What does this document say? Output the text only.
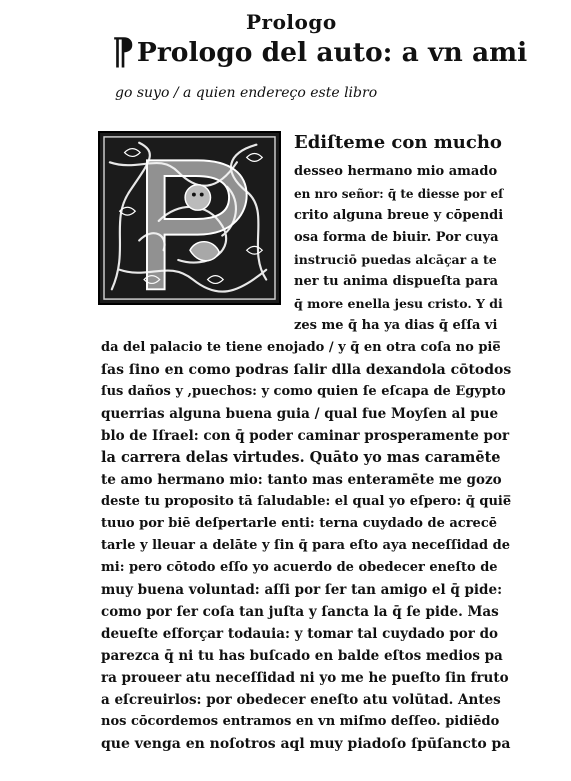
Prologo
¶Prologo del auto: a vn ami
go suyo / a quien endereço este libro
Ediſteme con mucho
desseo hermano mio amado
en nro señor: q̄ te diesse por eſ
crito alguna breue y cōpendi
osa forma de biuir. Por cuya
instruciō puedas alcāçar a te
ner tu anima dispueſta para
q̄ more enella jesu cristo. Y di
zes me q̄ ha ya dias q̄ eſſa vi
da del palacio te tiene enojado / y q̄ en otra coſa no pie̅
ſas ſino en como podras ſalir dlla dexandola cōtodos
ſus daños y ,puechos: y como quien ſe eſcapa de Egypto
querrias alguna buena guia / qual fue Moyſen al pue
blo de Iſrael: con q̄ poder caminar prosperamente por
la carrera delas virtudes. Quāto yo mas caramēte
te amo hermano mio: tanto mas enteramēte me gozo
deste tu proposito tā ſaludable: el qual yo eſpero: q̄ quie̅
tuuo por biē deſpertarle enti: terna cuydado de acrecē
tarle y lleuar a delāte y ſin q̄ para eſto aya neceſſidad de
mi: pero cōtodo eſſo yo acuerdo de obedecer eneſto de
muy buena voluntad: aſſi por ſer tan amigo el q̄ pide:
como por ſer coſa tan juſta y ſancta la q̄ ſe pide. Mas
deueſte eſforçar todauia: y tomar tal cuydado por do
parezca q̄ ni tu has buſcado en balde eſtos medios pa
ra proueer atu neceſſidad ni yo me he pueſto ſin fruto
a eſcreuirlos: por obedecer eneſto atu volūtad. Antes
nos cōcordemos entramos en vn miſmo deſſeo. pidiēdo
que venga en noſotros aql muy piadoſo ſpūſancto pa
